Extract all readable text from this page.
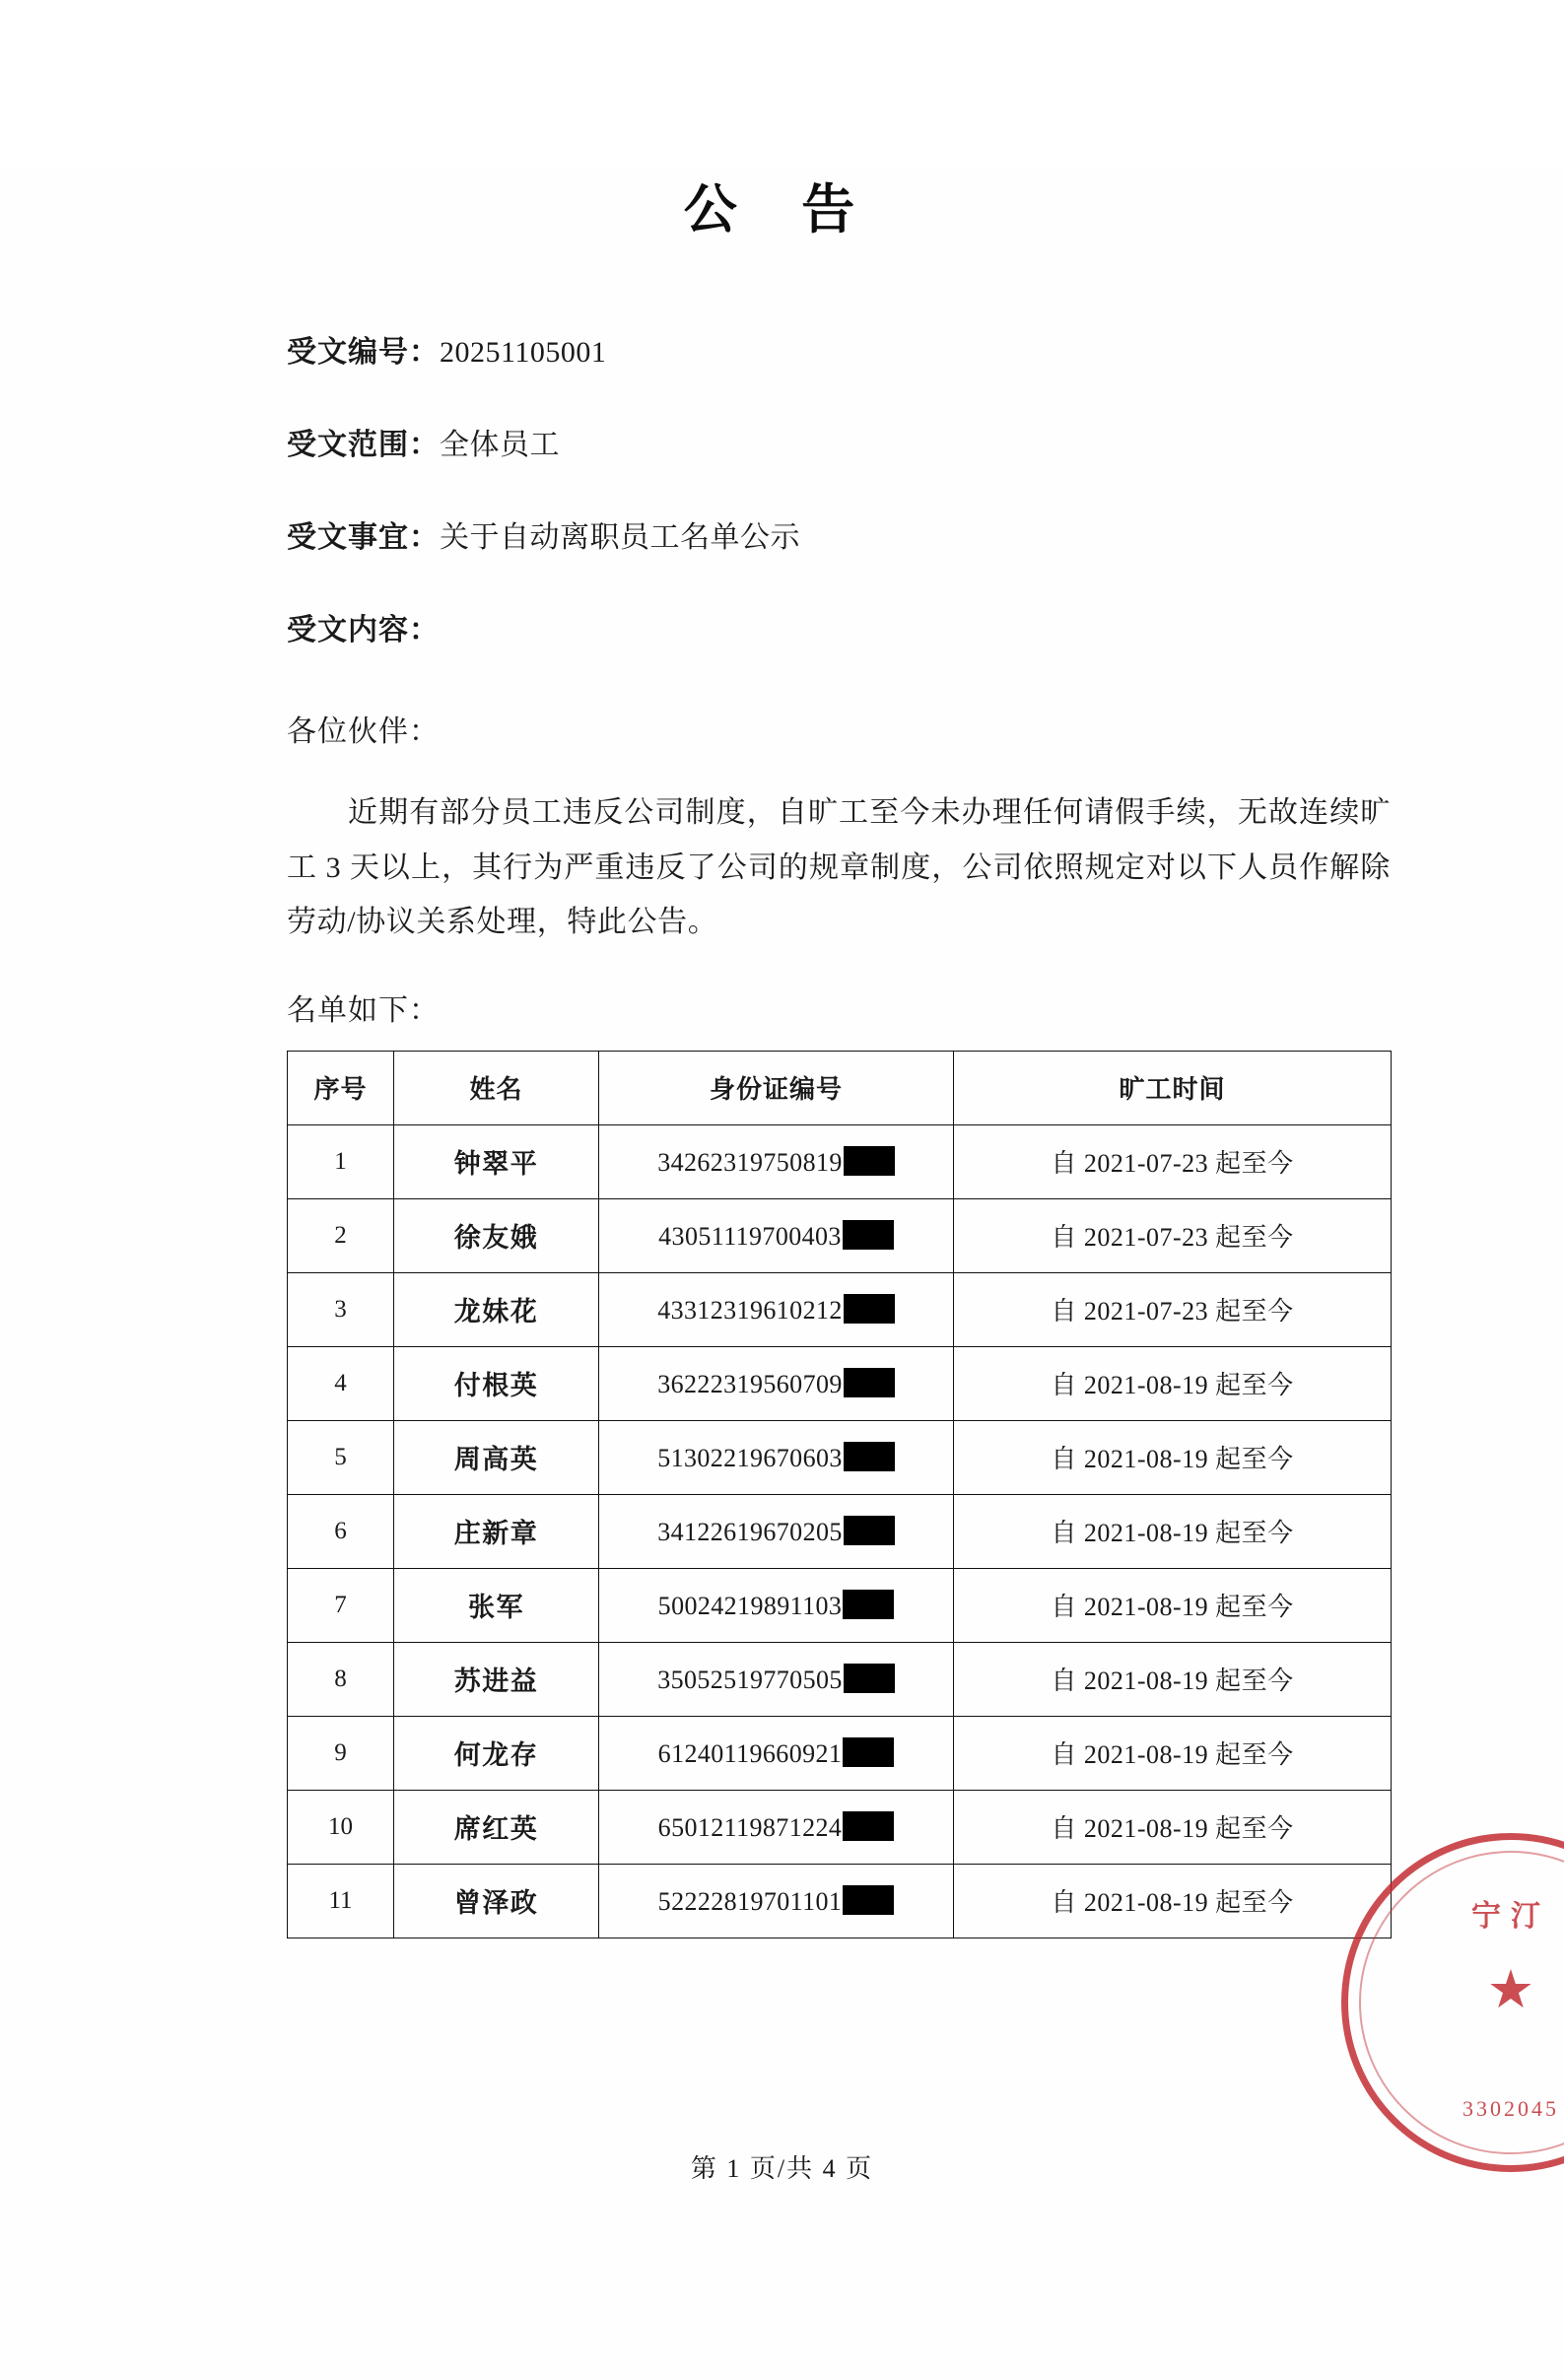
公 告
受文编号：20251105001
受文范围：全体员工
受文事宜：关于自动离职员工名单公示
受文内容：
各位伙伴：
近期有部分员工违反公司制度，自旷工至今未办理任何请假手续，无故连续旷工 3 天以上，其行为严重违反了公司的规章制度，公司依照规定对以下人员作解除劳动/协议关系处理，特此公告。
名单如下：
序号	姓名	身份证编号	旷工时间
1	钟翠平	34262319750819	自 2021-07-23 起至今
2	徐友娥	43051119700403	自 2021-07-23 起至今
3	龙妹花	43312319610212	自 2021-07-23 起至今
4	付根英	36222319560709	自 2021-08-19 起至今
5	周高英	51302219670603	自 2021-08-19 起至今
6	庄新章	34122619670205	自 2021-08-19 起至今
7	张军	50024219891103	自 2021-08-19 起至今
8	苏进益	35052519770505	自 2021-08-19 起至今
9	何龙存	61240119660921	自 2021-08-19 起至今
10	席红英	65012119871224	自 2021-08-19 起至今
11	曾泽政	52222819701101	自 2021-08-19 起至今
第 1 页/共 4 页
宁汀
★
3302045
